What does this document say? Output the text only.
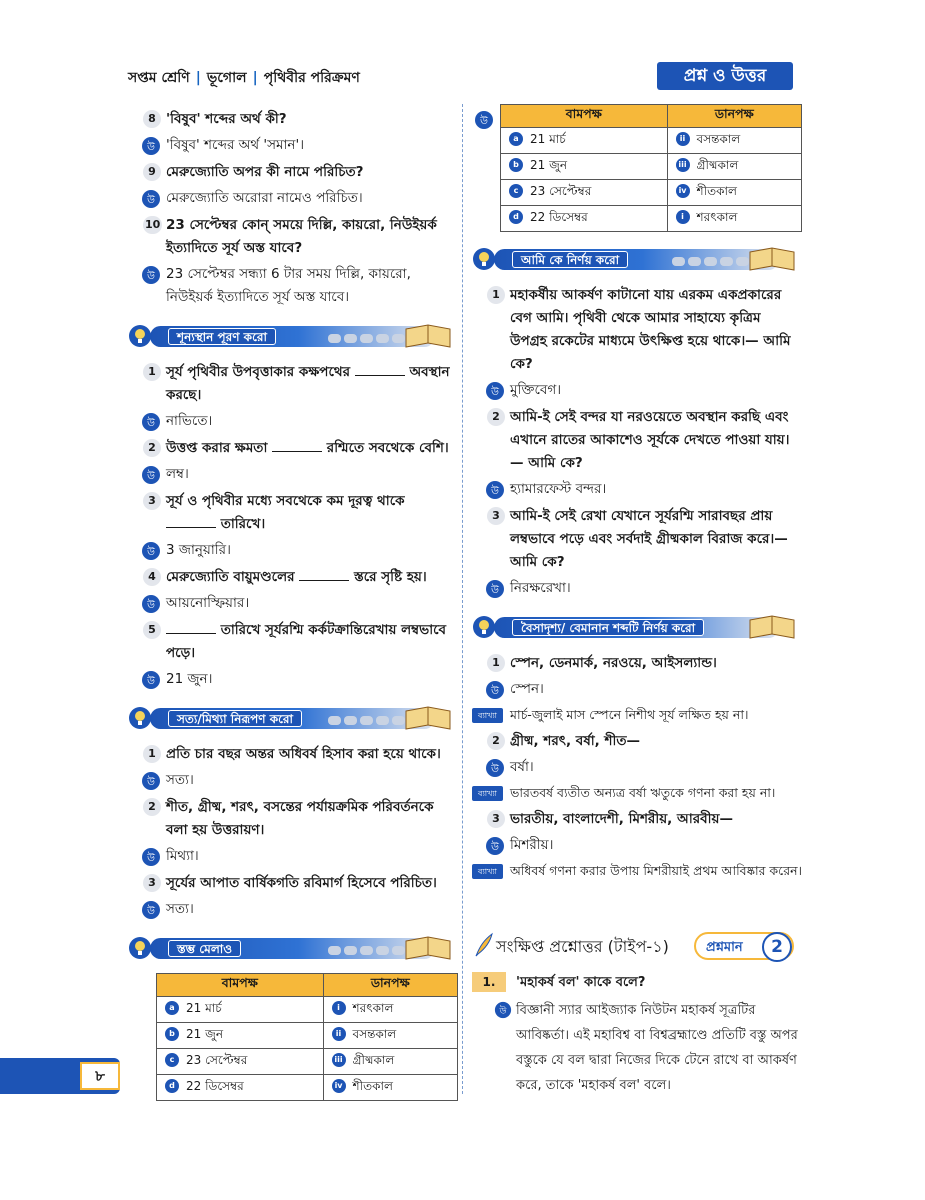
সপ্তম শ্রেণি | ভূগোল | পৃথিবীর পরিক্রমণ	প্রশ্ন ও উত্তর
8 'বিষুব' শব্দের অর্থ কী?
উ 'বিষুব' শব্দের অর্থ 'সমান'।
9 মেরুজ্যোতি অপর কী নামে পরিচিত?
উ মেরুজ্যোতি অরোরা নামেও পরিচিত।
10 23 সেপ্টেম্বর কোন্ সময়ে দিল্লি, কায়রো, নিউইয়র্ক ইত্যাদিতে সূর্য অস্ত যাবে?
উ 23 সেপ্টেম্বর সন্ধ্যা 6 টার সময় দিল্লি, কায়রো, নিউইয়র্ক ইত্যাদিতে সূর্য অস্ত যাবে।
শূন্যস্থান পূরণ করো
1 সূর্য পৃথিবীর উপবৃত্তাকার কক্ষপথের	অবস্থান করছে।
উ নাভিতে।
2 উত্তপ্ত করার ক্ষমতা	রশ্মিতে সবথেকে বেশি।
উ লম্ব।
3 সূর্য ও পৃথিবীর মধ্যে সবথেকে কম দূরত্ব থাকে  তারিখে।
উ 3 জানুয়ারি।
4 মেরুজ্যোতি বায়ুমণ্ডলের	স্তরে সৃষ্টি হয়।
উ আয়নোস্ফিয়ার।
5	তারিখে সূর্যরশ্মি কর্কটক্রান্তিরেখায় লম্বভাবে পড়ে।
উ 21 জুন।
সত্য/মিথ্যা নিরূপণ করো
1 প্রতি চার বছর অন্তর অধিবর্ষ হিসাব করা হয়ে থাকে।
উ সত্য।
2 শীত, গ্রীষ্ম, শরৎ, বসন্তের পর্যায়ক্রমিক পরিবর্তনকে বলা হয় উত্তরায়ণ।
উ মিথ্যা।
3 সূর্যের আপাত বার্ষিকগতি রবিমার্গ হিসেবে পরিচিত।
উ সত্য।
স্তম্ভ মেলাও
বামপক্ষ	ডানপক্ষ
a 21 মার্চ	i শরৎকাল
b 21 জুন	ii বসন্তকাল
c 23 সেপ্টেম্বর	iii গ্রীষ্মকাল
d 22 ডিসেম্বর	iv শীতকাল
উ
বামপক্ষ	ডানপক্ষ
a 21 মার্চ	ii বসন্তকাল
b 21 জুন	iii গ্রীষ্মকাল
c 23 সেপ্টেম্বর	iv শীতকাল
d 22 ডিসেম্বর	i শরৎকাল
আমি কে নির্ণয় করো
1 মহাকর্ষীয় আকর্ষণ কাটানো যায় এরকম একপ্রকারের বেগ আমি। পৃথিবী থেকে আমার সাহায্যে কৃত্রিম উপগ্রহ রকেটের মাধ্যমে উৎক্ষিপ্ত হয়ে থাকে।— আমি কে?
উ মুক্তিবেগ।
2 আমি-ই সেই বন্দর যা নরওয়েতে অবস্থান করছি এবং এখানে রাতের আকাশেও সূর্যকে দেখতে পাওয়া যায়।— আমি কে?
উ হ্যামারফেস্ট বন্দর।
3 আমি-ই সেই রেখা যেখানে সূর্যরশ্মি সারাবছর প্রায় লম্বভাবে পড়ে এবং সর্বদাই গ্রীষ্মকাল বিরাজ করে।—আমি কে?
উ নিরক্ষরেখা।
বৈসাদৃশ্য/ বেমানান শব্দটি নির্ণয় করো
1 স্পেন, ডেনমার্ক, নরওয়ে, আইসল্যান্ড।
উ স্পেন।
ব্যাখ্যা	মার্চ-জুলাই মাস স্পেনে নিশীথ সূর্য লক্ষিত হয় না।
2 গ্রীষ্ম, শরৎ, বর্ষা, শীত—
উ বর্ষা।
ব্যাখ্যা	ভারতবর্ষ ব্যতীত অন্যত্র বর্ষা ঋতুকে গণনা করা হয় না।
3 ভারতীয়, বাংলাদেশী, মিশরীয়, আরবীয়—
উ মিশরীয়।
ব্যাখ্যা	অধিবর্ষ গণনা করার উপায় মিশরীয়াই প্রথম আবিষ্কার করেন।
সংক্ষিপ্ত প্রশ্নোত্তর (টাইপ-১)	প্রশ্নমান	2
1.	'মহাকর্ষ বল' কাকে বলে?
উ বিজ্ঞানী স্যার আইজ্যাক নিউটন মহাকর্ষ সূত্রটির আবিষ্কর্তা। এই মহাবিশ্ব বা বিশ্বব্রহ্মাণ্ডে প্রতিটি বস্তু অপর বস্তুকে যে বল দ্বারা নিজের দিকে টেনে রাখে বা আকর্ষণ করে, তাকে 'মহাকর্ষ বল' বলে।
৮
